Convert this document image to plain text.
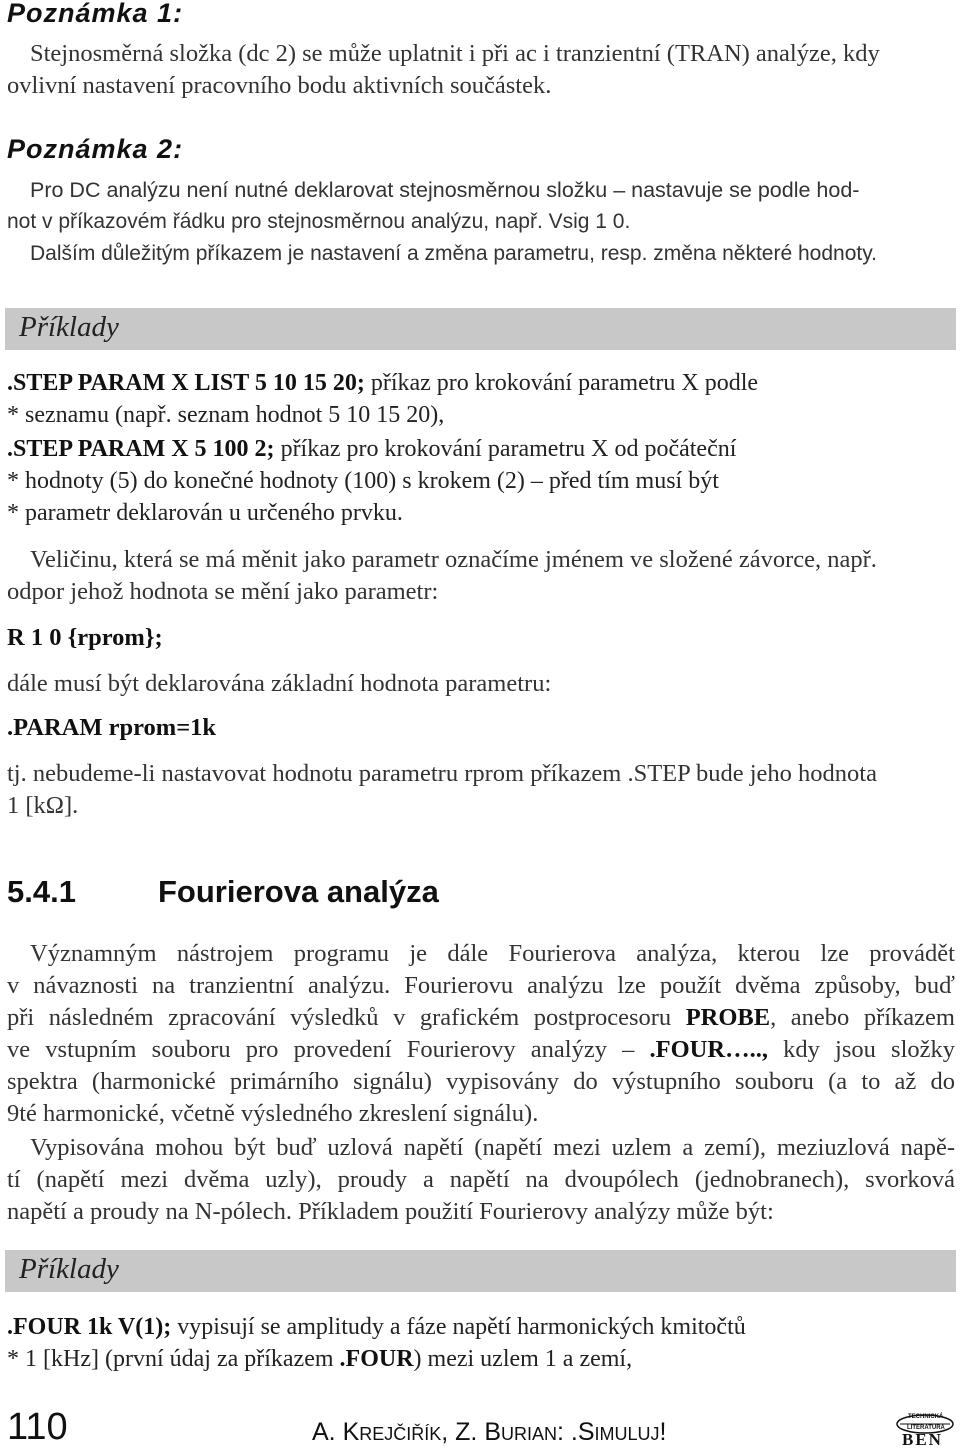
Poznámka 1:
Stejnosměrná složka (dc 2) se může uplatnit i při ac i tranzientní (TRAN) analýze, kdy
ovlivní nastavení pracovního bodu aktivních součástek.
Poznámka 2:
Pro DC analýzu není nutné deklarovat stejnosměrnou složku – nastavuje se podle hod-
not v příkazovém řádku pro stejnosměrnou analýzu, např. Vsig 1 0.
Dalším důležitým příkazem je nastavení a změna parametru, resp. změna některé hodnoty.
Příklady
.STEP PARAM X LIST 5 10 15 20; příkaz pro krokování parametru X podle
* seznamu (např. seznam hodnot 5 10 15 20),
.STEP PARAM X 5 100 2; příkaz pro krokování parametru X od počáteční
* hodnoty (5) do konečné hodnoty (100) s krokem (2) – před tím musí být
* parametr deklarován u určeného prvku.
Veličinu, která se má měnit jako parametr označíme jménem ve složené závorce, např.
odpor jehož hodnota se mění jako parametr:
R 1 0 {rprom};
dále musí být deklarována základní hodnota parametru:
.PARAM rprom=1k
tj. nebudeme-li nastavovat hodnotu parametru rprom příkazem .STEP bude jeho hodnota
1 [kΩ].
5.4.1	Fourierova analýza
Významným nástrojem programu je dále Fourierova analýza, kterou lze provádět
v návaznosti na tranzientní analýzu. Fourierovu analýzu lze použít dvěma způsoby, buď
při následném zpracování výsledků v grafickém postprocesoru PROBE, anebo příkazem
ve vstupním souboru pro provedení Fourierovy analýzy – .FOUR….., kdy jsou složky
spektra (harmonické primárního signálu) vypisovány do výstupního souboru (a to až do
9té harmonické, včetně výsledného zkreslení signálu).
Vypisována mohou být buď uzlová napětí (napětí mezi uzlem a zemí), meziuzlová napě-
tí (napětí mezi dvěma uzly), proudy a napětí na dvoupólech (jednobranech), svorková
napětí a proudy na N-pólech. Příkladem použití Fourierovy analýzy může být:
Příklady
.FOUR 1k V(1); vypisují se amplitudy a fáze napětí harmonických kmitočtů
* 1 [kHz] (první údaj za příkazem .FOUR) mezi uzlem 1 a zemí,
110	A. KREJČIŘÍK, Z. BURIAN: .SIMULUJ!
TECHNICKÁ
LITERATURA
BEN
